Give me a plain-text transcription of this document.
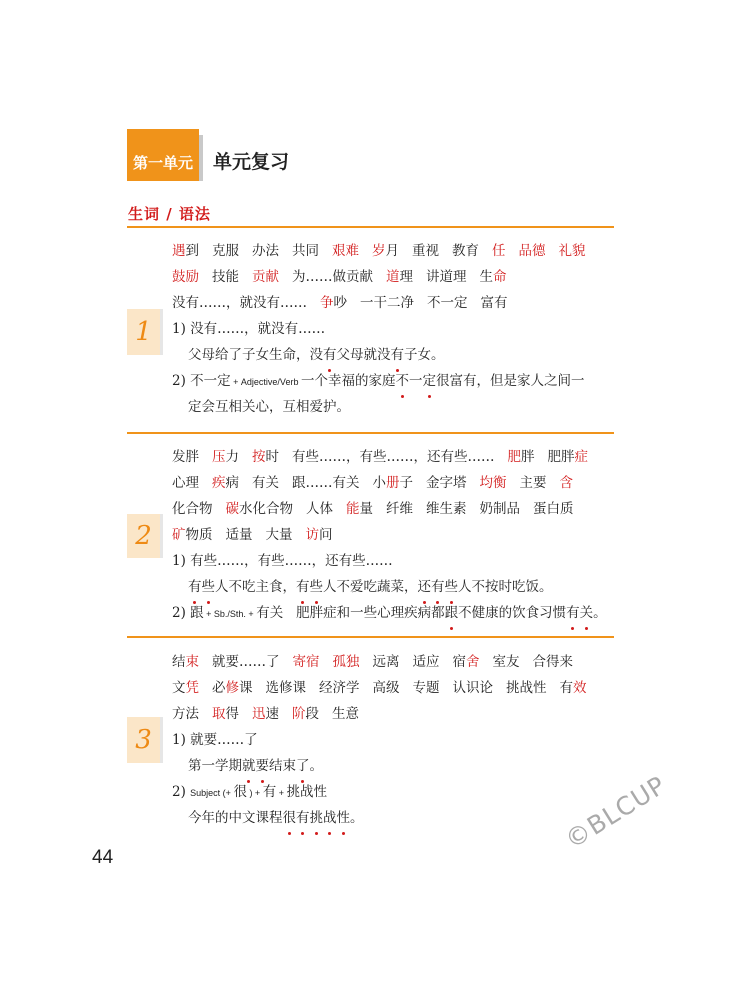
第一单元	单元复习
生词 / 语法
1
遇到 克服 办法 共同 艰难 岁月 重视 教育 任 品德 礼貌
鼓励 技能 贡献 为……做贡献 道理 讲道理 生命
没有……，就没有…… 争吵 一干二净 不一定 富有
1) 没有……，就没有……
父母给了子女生命，没有父母就没有子女。
2) 不一定 + Adjective/Verb 一个幸福的家庭不一定很富有，但是家人之间一
定会互相关心，互相爱护。
2
发胖 压力 按时 有些……，有些……，还有些…… 肥胖 肥胖症
心理 疾病 有关 跟……有关 小册子 金字塔 均衡 主要 含
化合物 碳水化合物 人体 能量 纤维 维生素 奶制品 蛋白质
矿物质 适量 大量 访问
1) 有些……，有些……，还有些……
有些人不吃主食，有些人不爱吃蔬菜，还有些人不按时吃饭。
2) 跟 + Sb./Sth. + 有关 肥胖症和一些心理疾病都跟不健康的饮食习惯有关。
3
结束 就要……了 寄宿 孤独 远离 适应 宿舍 室友 合得来
文凭 必修课 选修课 经济学 高级 专题 认识论 挑战性 有效
方法 取得 迅速 阶段 生意
1) 就要……了
第一学期就要结束了。
2) Subject (+ 很 ) + 有 + 挑战性
今年的中文课程很有挑战性。
44
©BLCUP
